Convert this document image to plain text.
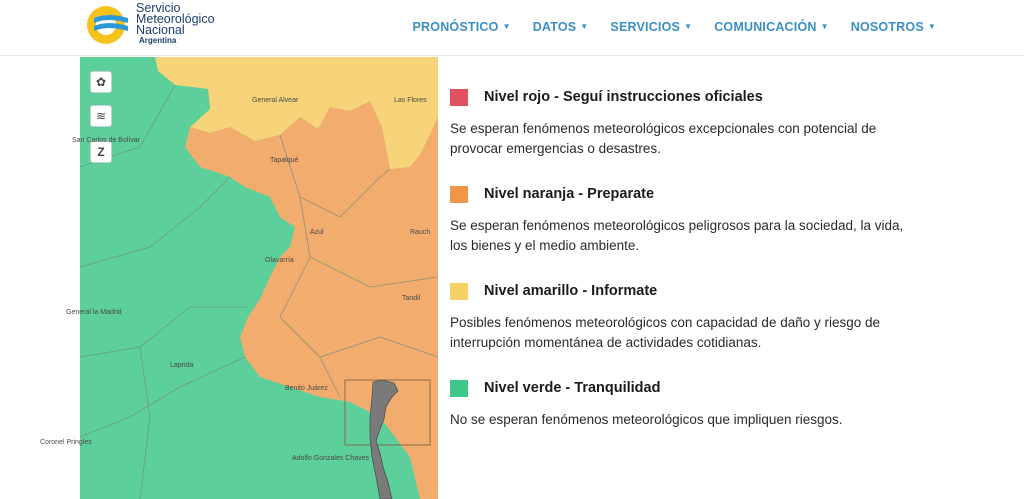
Servicio
Meteorológico
Nacional
Argentina
PRONÓSTICO ▼ DATOS ▼ SERVICIOS ▼ COMUNICACIÓN ▼ NOSOTROS ▼
✿
≋
Z
General Alvear	Las Flores
San Carlos de Bolívar
Tapalqué
Azul	Rauch
Olavarría
General la Madrid
Tandil
Laprida
Benito Juárez
Coronel Pringles
Adolfo Gonzales Chaves
Nivel rojo - Seguí instrucciones oficiales
Se esperan fenómenos meteorológicos excepcionales con potencial de provocar emergencias o desastres.
Nivel naranja - Preparate
Se esperan fenómenos meteorológicos peligrosos para la sociedad, la vida, los bienes y el medio ambiente.
Nivel amarillo - Informate
Posibles fenómenos meteorológicos con capacidad de daño y riesgo de interrupción momentánea de actividades cotidianas.
Nivel verde - Tranquilidad
No se esperan fenómenos meteorológicos que impliquen riesgos.
